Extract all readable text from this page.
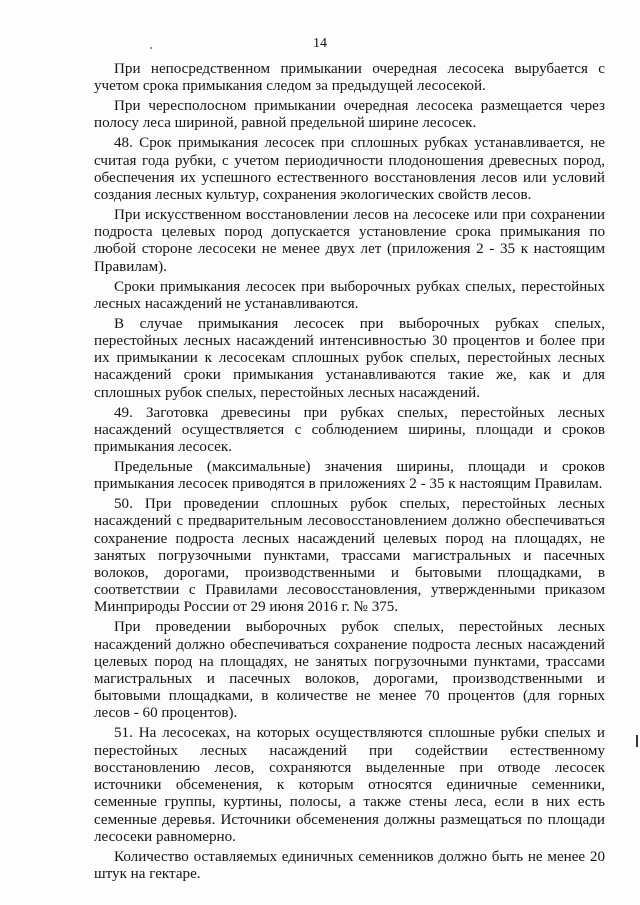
14

При непосредственном примыкании очередная лесосека вырубается с учетом срока примыкания следом за предыдущей лесосекой.

При чересполосном примыкании очередная лесосека размещается через полосу леса шириной, равной предельной ширине лесосек.

48. Срок примыкания лесосек при сплошных рубках устанавливается, не считая года рубки, с учетом периодичности плодоношения древесных пород, обеспечения их успешного естественного восстановления лесов или условий создания лесных культур, сохранения экологических свойств лесов.

При искусственном восстановлении лесов на лесосеке или при сохранении подроста целевых пород допускается установление срока примыкания по любой стороне лесосеки не менее двух лет (приложения 2 - 35 к настоящим Правилам).

Сроки примыкания лесосек при выборочных рубках спелых, перестойных лесных насаждений не устанавливаются.

В случае примыкания лесосек при выборочных рубках спелых, перестойных лесных насаждений интенсивностью 30 процентов и более при их примыкании к лесосекам сплошных рубок спелых, перестойных лесных насаждений сроки примыкания устанавливаются такие же, как и для сплошных рубок спелых, перестойных лесных насаждений.

49. Заготовка древесины при рубках спелых, перестойных лесных насаждений осуществляется с соблюдением ширины, площади и сроков примыкания лесосек.

Предельные (максимальные) значения ширины, площади и сроков примыкания лесосек приводятся в приложениях 2 - 35 к настоящим Правилам.

50. При проведении сплошных рубок спелых, перестойных лесных насаждений с предварительным лесовосстановлением должно обеспечиваться сохранение подроста лесных насаждений целевых пород на площадях, не занятых погрузочными пунктами, трассами магистральных и пасечных волоков, дорогами, производственными и бытовыми площадками, в соответствии с Правилами лесовосстановления, утвержденными приказом Минприроды России от 29 июня 2016 г. № 375.

При проведении выборочных рубок спелых, перестойных лесных насаждений должно обеспечиваться сохранение подроста лесных насаждений целевых пород на площадях, не занятых погрузочными пунктами, трассами магистральных и пасечных волоков, дорогами, производственными и бытовыми площадками, в количестве не менее 70 процентов (для горных лесов - 60 процентов).

51. На лесосеках, на которых осуществляются сплошные рубки спелых и перестойных лесных насаждений при содействии естественному восстановлению лесов, сохраняются выделенные при отводе лесосек источники обсеменения, к которым относятся единичные семенники, семенные группы, куртины, полосы, а также стены леса, если в них есть семенные деревья. Источники обсеменения должны размещаться по площади лесосеки равномерно.

Количество оставляемых единичных семенников должно быть не менее 20 штук на гектаре.
